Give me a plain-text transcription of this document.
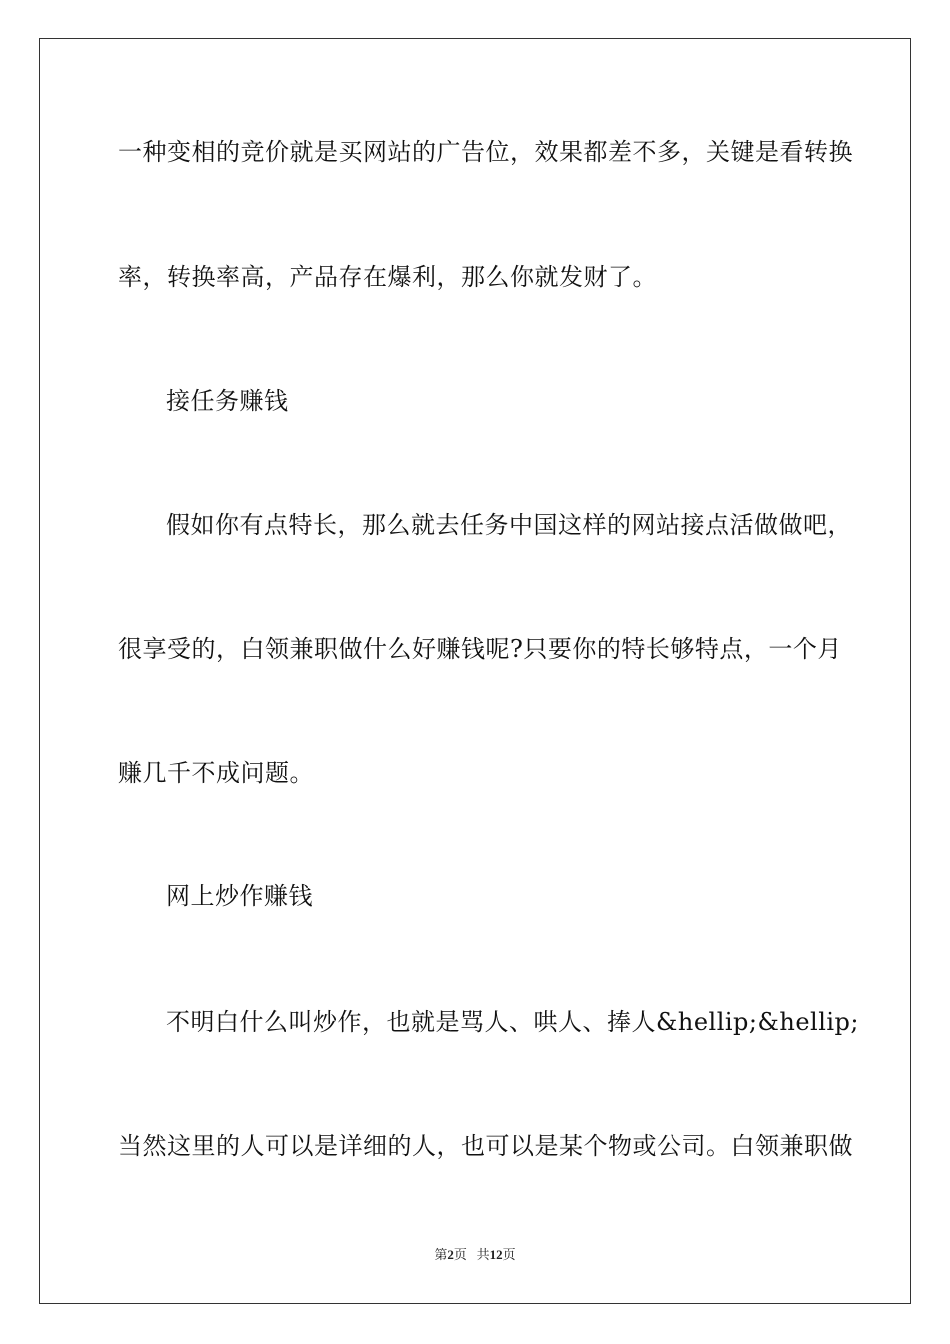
一种变相的竞价就是买网站的广告位，效果都差不多，关键是看转换
率，转换率高，产品存在爆利，那么你就发财了。
接任务赚钱
假如你有点特长，那么就去任务中国这样的网站接点活做做吧，
很享受的，白领兼职做什么好赚钱呢?只要你的特长够特点，一个月
赚几千不成问题。
网上炒作赚钱
不明白什么叫炒作，也就是骂人、哄人、捧人&hellip;&hellip;
当然这里的人可以是详细的人，也可以是某个物或公司。白领兼职做
第2页 共12页
